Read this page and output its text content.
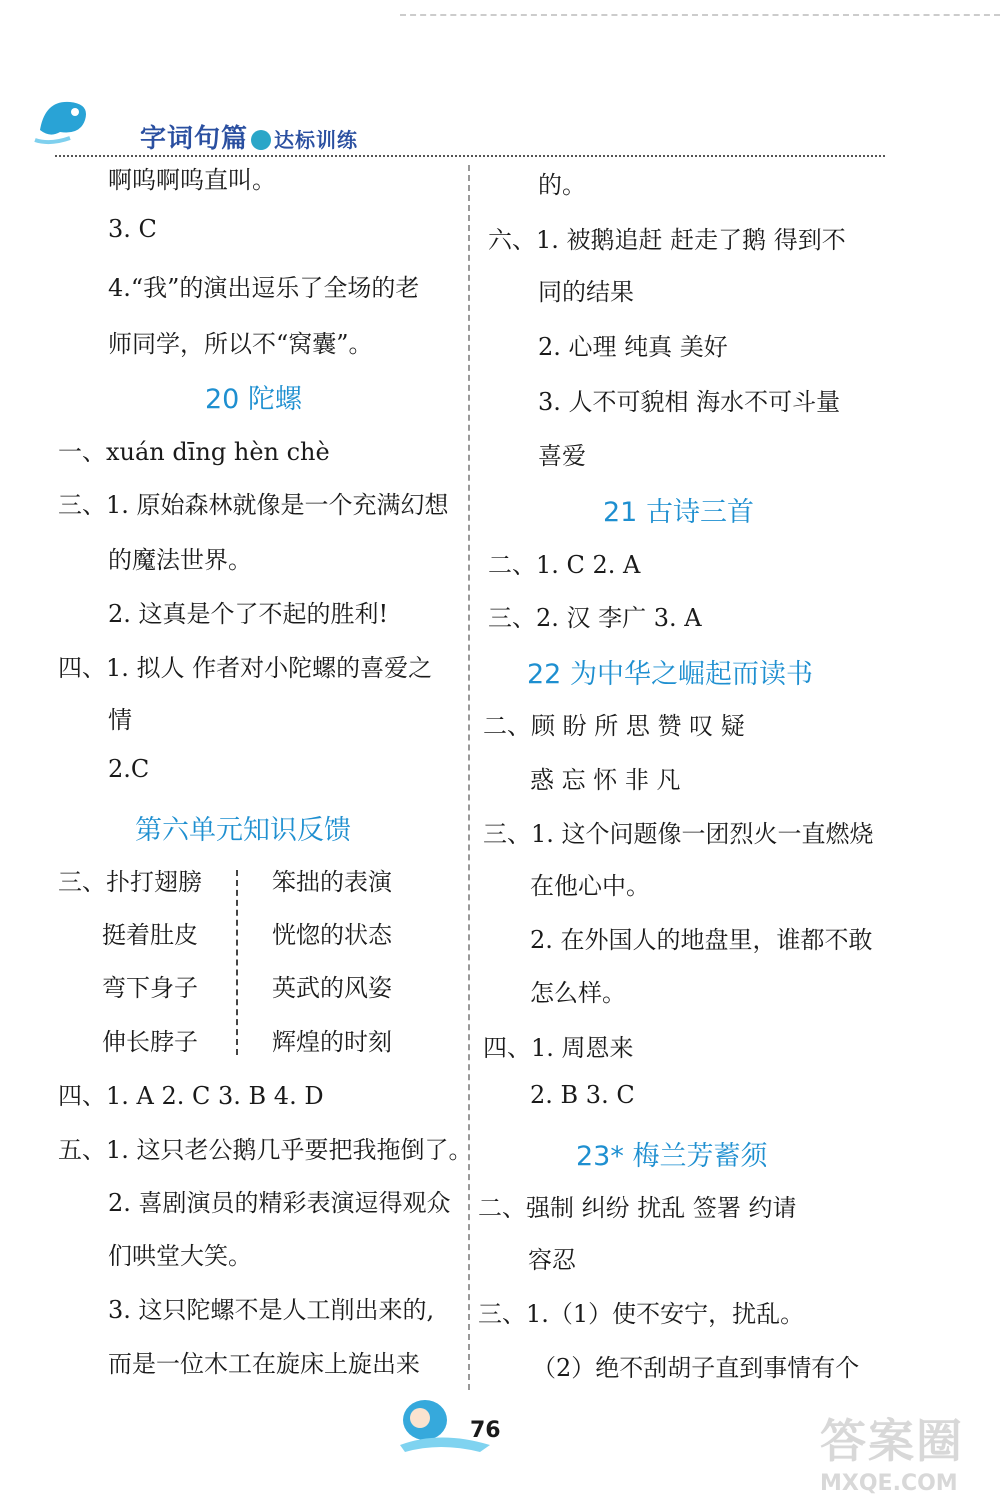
字词句篇 达标训练
啊呜啊呜直叫。
3. C
4.“我”的演出逗乐了全场的老
师同学，所以不“窝囊”。
20 陀螺
一、xuán dīng hèn chè
三、1. 原始森林就像是一个充满幻想
的魔法世界。
2. 这真是个了不起的胜利!
四、1. 拟人 作者对小陀螺的喜爱之
情
2.C
第六单元知识反馈
三、扑打翅膀
挺着肚皮
弯下身子
伸长脖子
笨拙的表演
恍惚的状态
英武的风姿
辉煌的时刻
四、1. A 2. C 3. B 4. D
五、1. 这只老公鹅几乎要把我拖倒了。
2. 喜剧演员的精彩表演逗得观众
们哄堂大笑。
3. 这只陀螺不是人工削出来的,
而是一位木工在旋床上旋出来
的。
六、1. 被鹅追赶 赶走了鹅 得到不
同的结果
2. 心理 纯真 美好
3. 人不可貌相 海水不可斗量
喜爱
21 古诗三首
二、1. C 2. A
三、2. 汉 李广 3. A
22 为中华之崛起而读书
二、顾 盼 所 思 赞 叹 疑
惑 忘 怀 非 凡
三、1. 这个问题像一团烈火一直燃烧
在他心中。
2. 在外国人的地盘里，谁都不敢
怎么样。
四、1. 周恩来
2. B 3. C
23* 梅兰芳蓄须
二、强制 纠纷 扰乱 签署 约请
容忍
三、1.（1）使不安宁，扰乱。
（2）绝不刮胡子直到事情有个
76	答案圈
MXQE.COM
